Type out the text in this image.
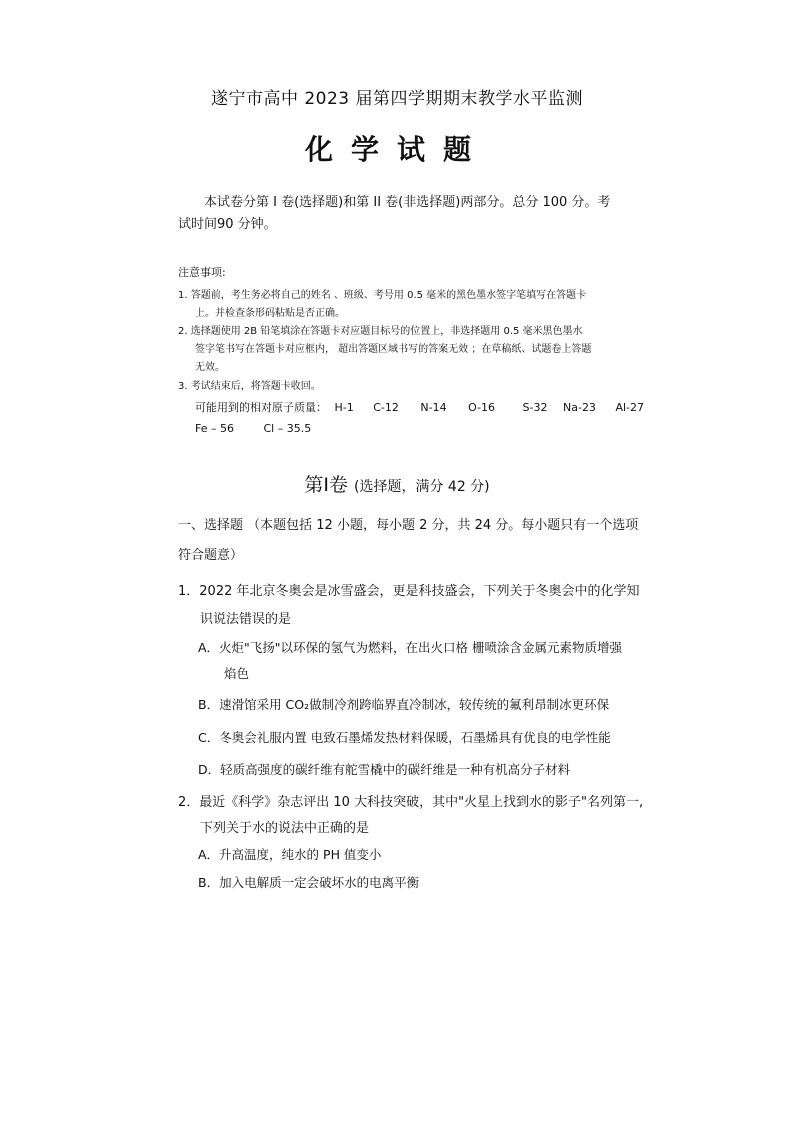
遂宁市高中 2023 届第四学期期末教学水平监测
化学试题
本试卷分第 I 卷(选择题)和第 II 卷(非选择题)两部分。总分 100 分。考试时间90 分钟。
注意事项:
1. 答题前，考生务必将自己的姓名 、班级、考号用 0.5 毫米的黑色墨水签字笔填写在答题卡
上。并检查条形码粘贴是否正确。
2. 选择题使用 2B 铅笔填涂在答题卡对应题目标号的位置上，非选择题用 0.5 毫米黑色墨水
签字笔书写在答题卡对应框内， 超出答题区域书写的答案无效 ；在草稿纸、试题卷上答题
无效。
3. 考试结束后，将答题卡收回。
可能用到的相对原子质量： H-1 C-12 N-14 O-16	S-32 Na-23 Al-27
Fe – 56	Cl – 35.5
第Ⅰ卷 (选择题，满分 42 分)
一、选择题 （本题包括 12 小题，每小题 2 分，共 24 分。每小题只有一个选项
符合题意）
1．2022 年北京冬奥会是冰雪盛会，更是科技盛会，下列关于冬奥会中的化学知
识说法错误的是
A．火炬"飞扬"以环保的氢气为燃料，在出火口格 栅喷涂含金属元素物质增强
焰色
B．速滑馆采用 CO₂做制冷剂跨临界直冷制冰，较传统的氟利昂制冰更环保
C．冬奥会礼服内置 电致石墨烯发热材料保暖，石墨烯具有优良的电学性能
D．轻质高强度的碳纤维有舵雪橇中的碳纤维是一种有机高分子材料
2．最近《科学》杂志评出 10 大科技突破，其中"火星上找到水的影子"名列第一,
下列关于水的说法中正确的是
A．升高温度，纯水的 PH 值变小
B．加入电解质一定会破坏水的电离平衡
